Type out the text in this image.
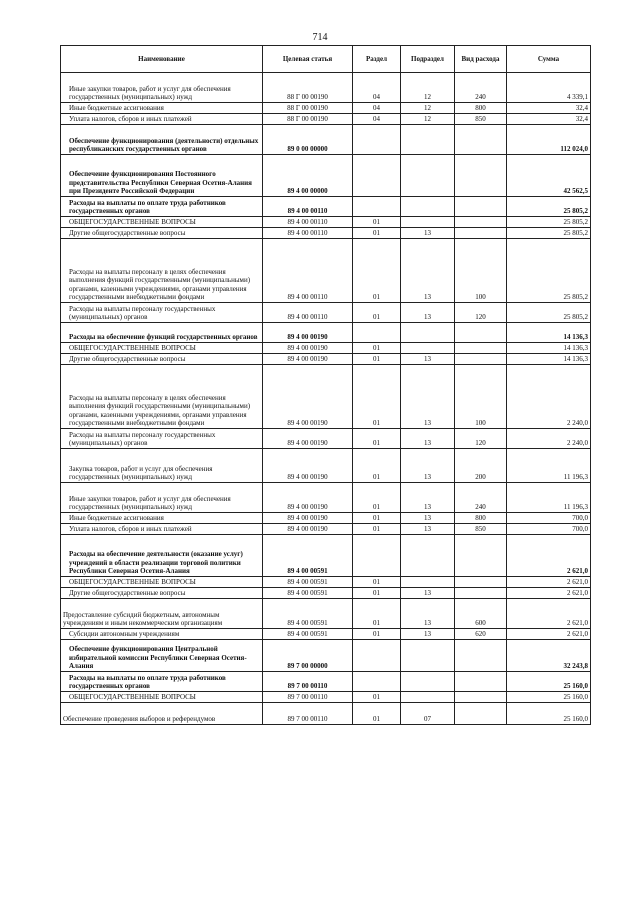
714
Наименование	Целевая статья	Раздел	Подраздел	Вид расхода	Сумма
Иные закупки товаров, работ и услуг для обеспечения государственных (муниципальных) нужд	88 Г 00 00190	04	12	240	4 339,1
Иные бюджетные ассигнования	88 Г 00 00190	04	12	800	32,4
Уплата налогов, сборов и иных платежей	88 Г 00 00190	04	12	850	32,4
Обеспечение функционирования (деятельности) отдельных республиканских государственных органов	89 0 00 00000				112 024,0
Обеспечение функционирования Постоянного представительства Республики Северная Осетия-Алания при Президенте Российской Федерации	89 4 00 00000				42 562,5
Расходы на выплаты по оплате труда работников государственных органов	89 4 00 00110				25 805,2
ОБЩЕГОСУДАРСТВЕННЫЕ ВОПРОСЫ	89 4 00 00110	01			25 805,2
Другие общегосударственные вопросы	89 4 00 00110	01	13		25 805,2
Расходы на выплаты персоналу в целях обеспечения выполнения функций государственными (муниципальными) органами, казенными учреждениями, органами управления государственными внебюджетными фондами	89 4 00 00110	01	13	100	25 805,2
Расходы на выплаты персоналу государственных (муниципальных) органов	89 4 00 00110	01	13	120	25 805,2
Расходы на обеспечение функций государственных органов	89 4 00 00190				14 136,3
ОБЩЕГОСУДАРСТВЕННЫЕ ВОПРОСЫ	89 4 00 00190	01			14 136,3
Другие общегосударственные вопросы	89 4 00 00190	01	13		14 136,3
Расходы на выплаты персоналу в целях обеспечения выполнения функций государственными (муниципальными) органами, казенными учреждениями, органами управления государственными внебюджетными фондами	89 4 00 00190	01	13	100	2 240,0
Расходы на выплаты персоналу государственных (муниципальных) органов	89 4 00 00190	01	13	120	2 240,0
Закупка товаров, работ и услуг для обеспечения государственных (муниципальных) нужд	89 4 00 00190	01	13	200	11 196,3
Иные закупки товаров, работ и услуг для обеспечения государственных (муниципальных) нужд	89 4 00 00190	01	13	240	11 196,3
Иные бюджетные ассигнования	89 4 00 00190	01	13	800	700,0
Уплата налогов, сборов и иных платежей	89 4 00 00190	01	13	850	700,0
Расходы на обеспечение деятельности (оказание услуг) учреждений в области реализации торговой политики Республики Северная Осетия-Алания	89 4 00 00591				2 621,0
ОБЩЕГОСУДАРСТВЕННЫЕ ВОПРОСЫ	89 4 00 00591	01			2 621,0
Другие общегосударственные вопросы	89 4 00 00591	01	13		2 621,0
Предоставление субсидий бюджетным, автономным учреждениям и иным некоммерческим организациям	89 4 00 00591	01	13	600	2 621,0
Субсидии автономным учреждениям	89 4 00 00591	01	13	620	2 621,0
Обеспечение функционирования Центральной избирательной комиссии Республики Северная Осетия-Алания	89 7 00 00000				32 243,8
Расходы на выплаты по оплате труда работников государственных органов	89 7 00 00110				25 160,0
ОБЩЕГОСУДАРСТВЕННЫЕ ВОПРОСЫ	89 7 00 00110	01			25 160,0
Обеспечение проведения выборов и референдумов	89 7 00 00110	01	07		25 160,0
